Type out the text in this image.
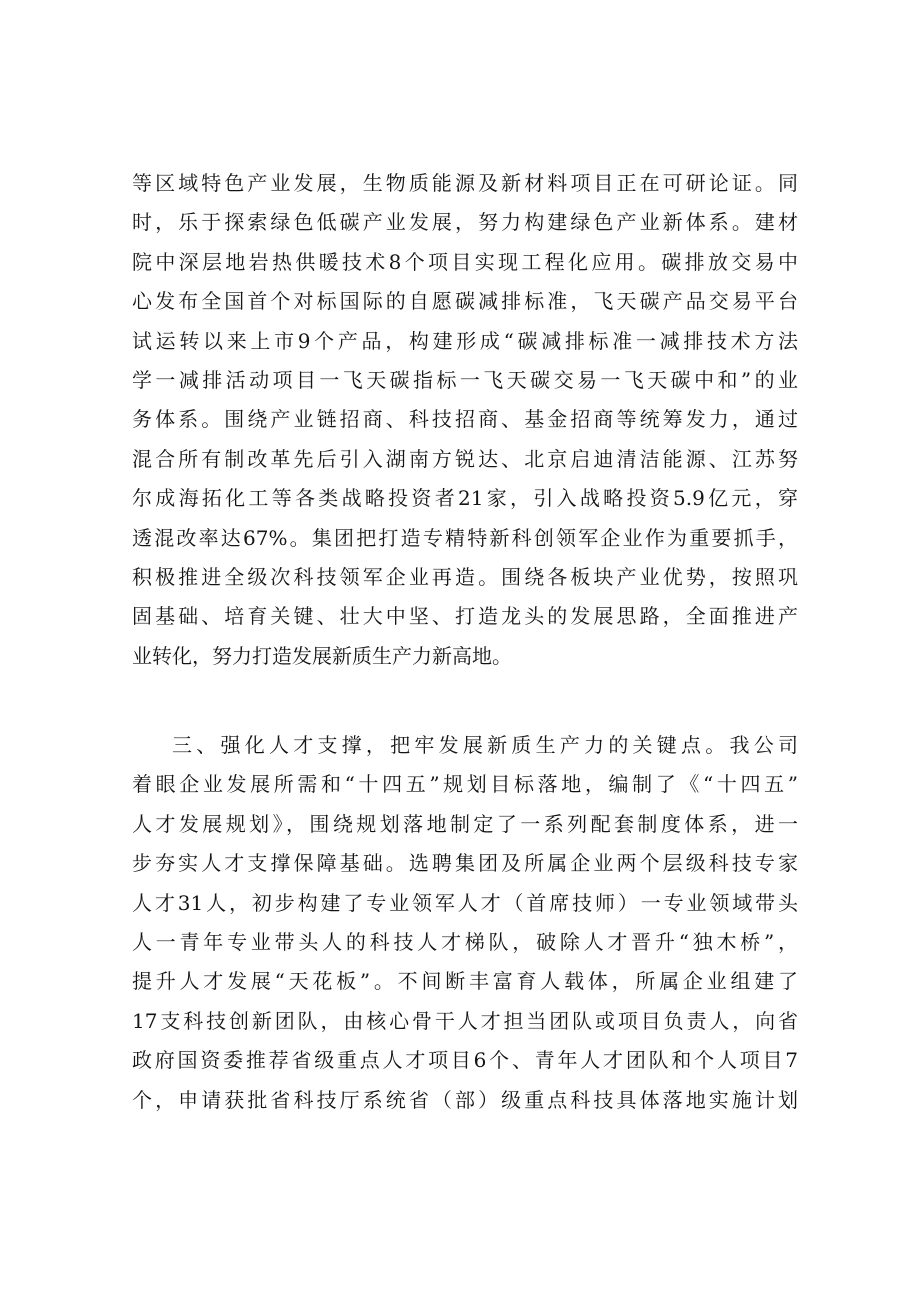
等区域特色产业发展，生物质能源及新材料项目正在可研论证。同
时，乐于探索绿色低碳产业发展，努力构建绿色产业新体系。建材
院中深层地岩热供暖技术8个项目实现工程化应用。碳排放交易中
心发布全国首个对标国际的自愿碳减排标准，飞天碳产品交易平台
试运转以来上市9个产品，构建形成“碳减排标准一减排技术方法
学一减排活动项目一飞天碳指标一飞天碳交易一飞天碳中和”的业
务体系。围绕产业链招商、科技招商、基金招商等统筹发力，通过
混合所有制改革先后引入湖南方锐达、北京启迪清洁能源、江苏努
尔成海拓化工等各类战略投资者21家，引入战略投资5.9亿元，穿
透混改率达67%。集团把打造专精特新科创领军企业作为重要抓手，
积极推进全级次科技领军企业再造。围绕各板块产业优势，按照巩
固基础、培育关键、壮大中坚、打造龙头的发展思路，全面推进产
业转化，努力打造发展新质生产力新高地。
三、强化人才支撑，把牢发展新质生产力的关键点。我公司
着眼企业发展所需和“十四五”规划目标落地，编制了《“十四五”
人才发展规划》，围绕规划落地制定了一系列配套制度体系，进一
步夯实人才支撑保障基础。选聘集团及所属企业两个层级科技专家
人才31人，初步构建了专业领军人才（首席技师）一专业领域带头
人一青年专业带头人的科技人才梯队，破除人才晋升“独木桥”，
提升人才发展“天花板”。不间断丰富育人载体，所属企业组建了
17支科技创新团队，由核心骨干人才担当团队或项目负责人，向省
政府国资委推荐省级重点人才项目6个、青年人才团队和个人项目7
个，申请获批省科技厅系统省（部）级重点科技具体落地实施计划
